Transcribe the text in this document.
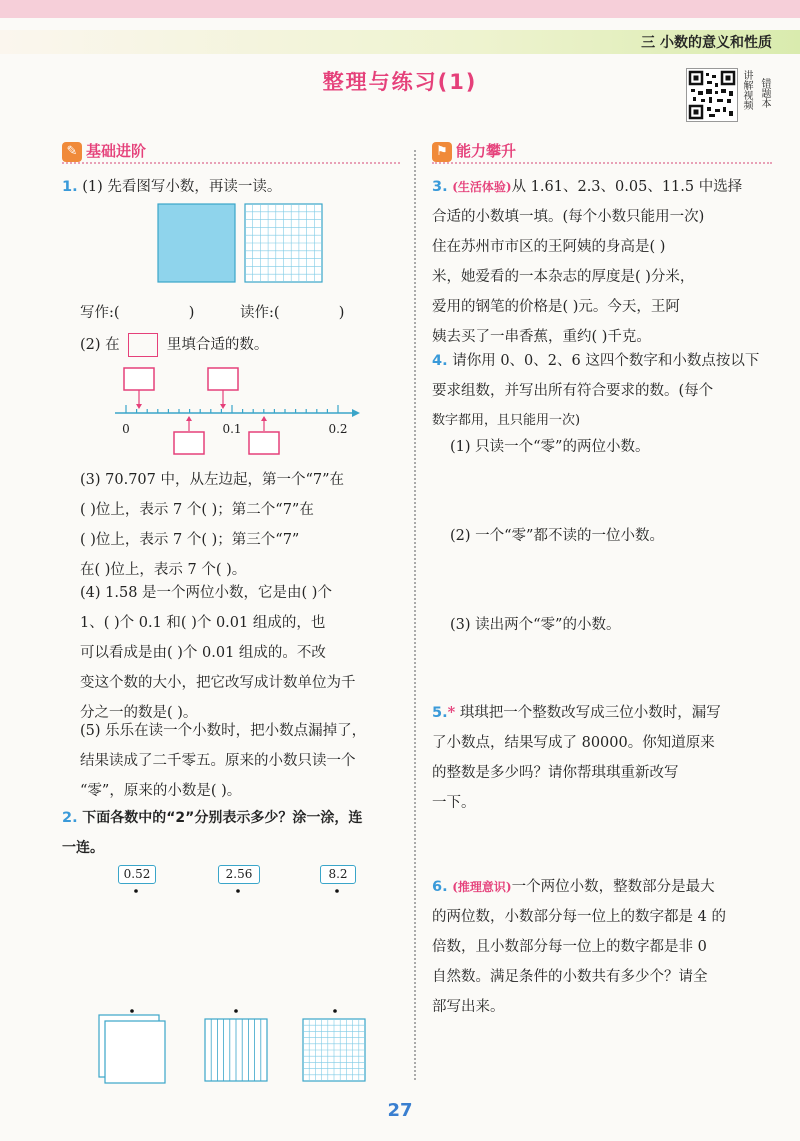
三 小数的意义和性质
整理与练习(1)	讲解视频 错题本
✎ 基础进阶
1. (1) 先看图写小数，再读一读。
写作:(	)	读作:(	)
(2) 在	里填合适的数。
0	0.1	0.2
(3) 70.707 中，从左边起，第一个“7”在
( )位上，表示 7 个( )；第二个“7”在
( )位上，表示 7 个( )；第三个“7”
在( )位上，表示 7 个( )。
(4) 1.58 是一个两位小数，它是由( )个
1、( )个 0.1 和( )个 0.01 组成的，也
可以看成是由( )个 0.01 组成的。不改
变这个数的大小，把它改写成计数单位为千
分之一的数是( )。
(5) 乐乐在读一个小数时，把小数点漏掉了，
结果读成了二千零五。原来的小数只读一个
“零”，原来的小数是( )。
2. 下面各数中的“2”分别表示多少？涂一涂，连
一连。
0.52	2.56	8.2
⚑ 能力攀升
3. (生活体验)从 1.61、2.3、0.05、11.5 中选择
合适的小数填一填。(每个小数只能用一次)
住在苏州市市区的王阿姨的身高是( )
米，她爱看的一本杂志的厚度是( )分米，
爱用的钢笔的价格是( )元。今天，王阿
姨去买了一串香蕉，重约( )千克。
4. 请你用 0、0、2、6 这四个数字和小数点按以下
要求组数，并写出所有符合要求的数。(每个
数字都用，且只能用一次)
(1) 只读一个“零”的两位小数。
(2) 一个“零”都不读的一位小数。
(3) 读出两个“零”的小数。
5.* 琪琪把一个整数改写成三位小数时，漏写
了小数点，结果写成了 80000。你知道原来
的整数是多少吗？请你帮琪琪重新改写
一下。
6. (推理意识)一个两位小数，整数部分是最大
的两位数，小数部分每一位上的数字都是 4 的
倍数，且小数部分每一位上的数字都是非 0
自然数。满足条件的小数共有多少个？请全
部写出来。
27
